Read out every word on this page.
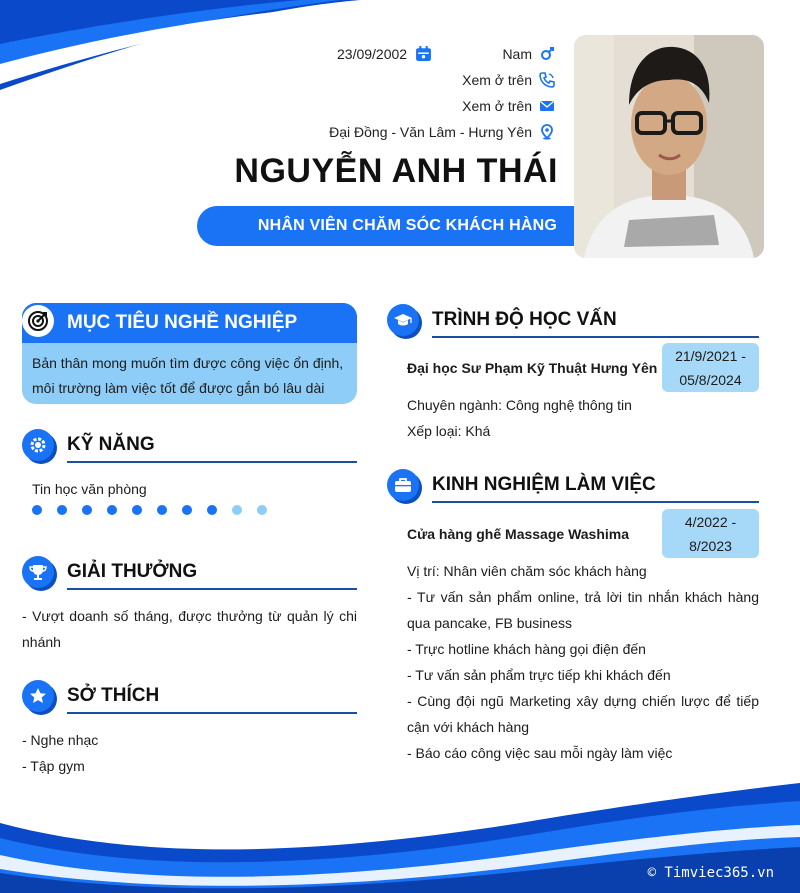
23/09/2002	Nam
Xem ở trên
Xem ở trên
Đại Đồng - Văn Lâm - Hưng Yên
NGUYỄN ANH THÁI
NHÂN VIÊN CHĂM SÓC KHÁCH HÀNG
MỤC TIÊU NGHỀ NGHIỆP
Bản thân mong muốn tìm được công việc ổn định, môi trường làm việc tốt để được gắn bó lâu dài
KỸ NĂNG
Tin học văn phòng
GIẢI THƯỞNG
- Vượt doanh số tháng, được thưởng từ quản lý chi nhánh
SỞ THÍCH
- Nghe nhạc
- Tập gym
TRÌNH ĐỘ HỌC VẤN
Đại học Sư Phạm Kỹ Thuật Hưng Yên
21/9/2021 -
05/8/2024
Chuyên ngành: Công nghệ thông tin
Xếp loại: Khá
KINH NGHIỆM LÀM VIỆC
Cửa hàng ghế Massage Washima
4/2022 -
8/2023
Vị trí: Nhân viên chăm sóc khách hàng
- Tư vấn sản phẩm online, trả lời tin nhắn khách hàng qua pancake, FB business
- Trực hotline khách hàng gọi điện đến
- Tư vấn sản phẩm trực tiếp khi khách đến
- Cùng đội ngũ Marketing xây dựng chiến lược để tiếp cận với khách hàng
- Báo cáo công việc sau mỗi ngày làm việc
© Timviec365.vn
